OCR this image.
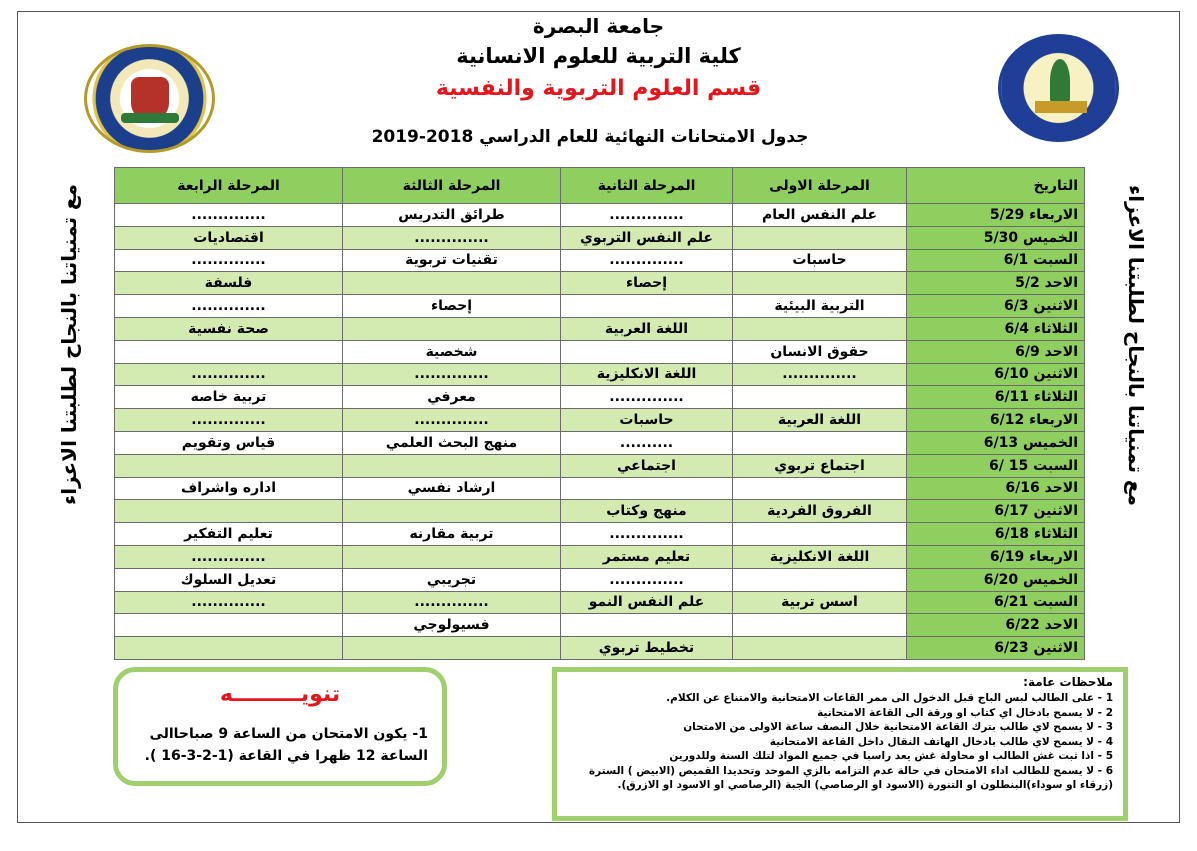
جامعة البصرة
كلية التربية للعلوم الانسانية
قسم العلوم التربوية والنفسية
جدول الامتحانات النهائية للعام الدراسي 2018-2019
مع تمنياتنا بالنجاح لطلبتنا الاعزاء	مع تمنياتنا بالنجاح لطلبتنا الاعزاء
التاريخ	المرحلة الاولى	المرحلة الثانية	المرحلة الثالثة	المرحلة الرابعة
الاربعاء 5/29	علم النفس العام	..............	طرائق التدريس	..............
الخميس 5/30		علم النفس التربوي	..............	اقتصاديات
السبت 6/1	حاسبات	..............	تقنيات تربوية	..............
الاحد 5/2		إحصاء		فلسفة
الاثنين 6/3	التربية البيئية		إحصاء	..............
الثلاثاء 6/4		اللغة العربية		صحة نفسية
الاحد 6/9	حقوق الانسان		شخصية	
الاثنين 6/10	..............	اللغة الانكليزية	..............	..............
الثلاثاء 6/11		..............	معرفي	تربية خاصه
الاربعاء 6/12	اللغة العربية	حاسبات	..............	..............
الخميس 6/13		..........	منهج البحث العلمي	قياس وتقويم
السبت 15 /6	اجتماع تربوي	اجتماعي		
الاحد 6/16			ارشاد نفسي	اداره واشراف
الاثنين 6/17	الفروق الفردية	منهج وكتاب		
الثلاثاء 6/18		..............	تربية مقارنه	تعليم التفكير
الاربعاء 6/19	اللغة الانكليزية	تعليم مستمر		..............
الخميس 6/20		..............	تجريبي	تعديل السلوك
السبت 6/21	اسس تربية	علم النفس النمو	..............	..............
الاحد 6/22			فسيولوجي	
الاثنين 6/23		تخطيط تربوي		
تنويـــــــــه
1- يكون الامتحان من الساعة 9 صباحاالى الساعة 12 ظهرا في القاعة (1-2-3-16 ).
ملاحظات عامة:
1 - على الطالب لبس الباج قبل الدخول الى ممر القاعات الامتحانية والامتناع عن الكلام.
2 - لا يسمح بادخال اي كتاب او ورقة الى القاعة الامتحانية
3 - لا يسمح لاي طالب بترك القاعة الامتحانية خلال النصف ساعة الاولى من الامتحان
4 - لا يسمح لاي طالب بادخال الهاتف النقال داخل القاعة الامتحانية
5 - اذا ثبت غش الطالب او محاولة غش يعد راسبا في جميع المواد لتلك السنة وللدورين
6 - لا يسمح للطالب اداء الامتحان في حالة عدم التزامه بالزي الموحد وتحديدا القميص (الابيض ) السترة
(زرقاء او سوداء)البنطلون او التنورة (الاسود او الرصاصي) الجبة (الرصاصي او الاسود او الازرق).
